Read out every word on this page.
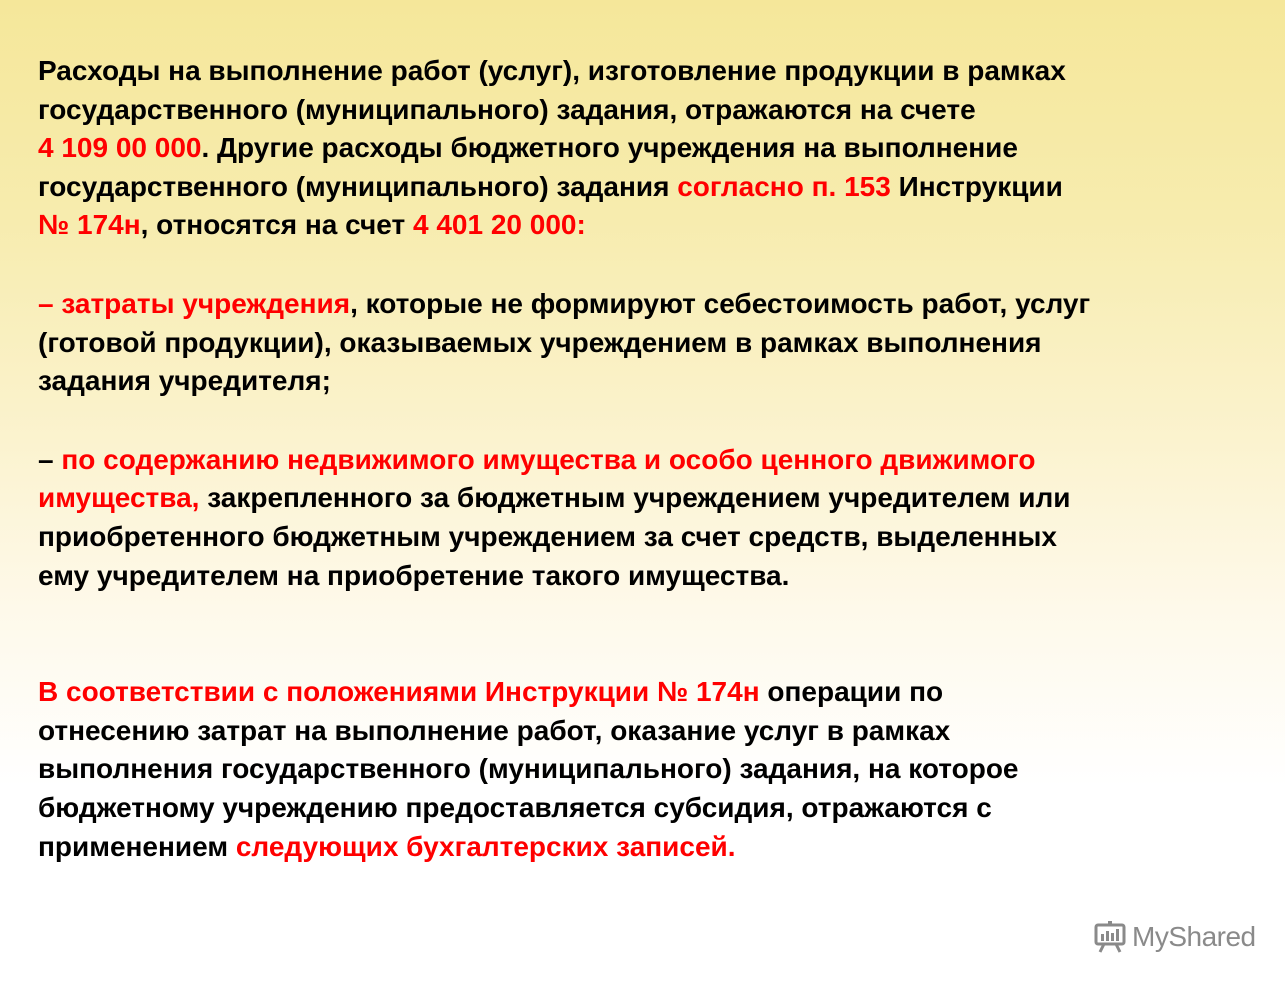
Расходы на выполнение работ (услуг), изготовление продукции в рамках
государственного (муниципального) задания, отражаются на счете
4 109 00 000. Другие расходы бюджетного учреждения на выполнение
государственного (муниципального) задания согласно п. 153 Инструкции
№ 174н, относятся на счет 4 401 20 000:

– затраты учреждения, которые не формируют себестоимость работ, услуг
(готовой продукции), оказываемых учреждением в рамках выполнения
задания учредителя;

– по содержанию недвижимого имущества и особо ценного движимого
имущества, закрепленного за бюджетным учреждением учредителем или
приобретенного бюджетным учреждением за счет средств, выделенных
ему учредителем на приобретение такого имущества.

В соответствии с положениями Инструкции № 174н операции по
отнесению затрат на выполнение работ, оказание услуг в рамках
выполнения государственного (муниципального) задания, на которое
бюджетному учреждению предоставляется субсидия, отражаются с
применением следующих бухгалтерских записей.

MyShared
